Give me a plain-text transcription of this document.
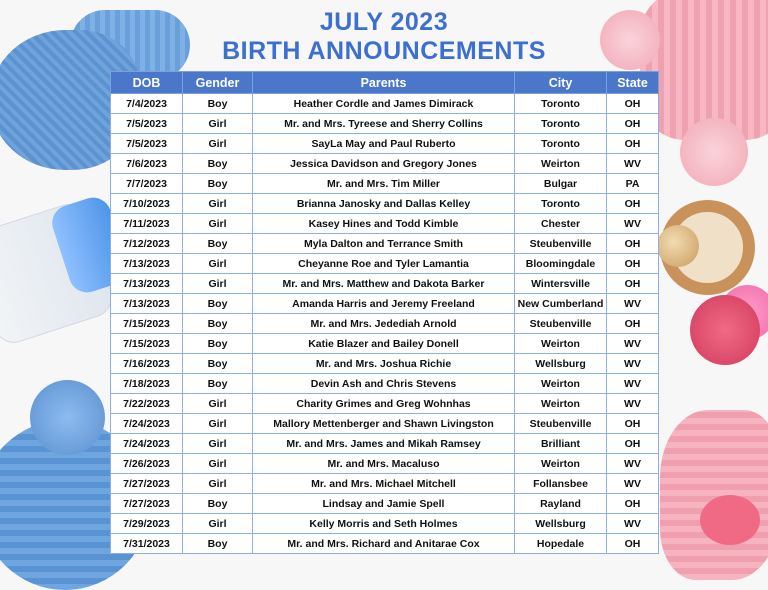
JULY 2023
BIRTH ANNOUNCEMENTS
DOB	Gender	Parents	City	State
7/4/2023	Boy	Heather Cordle and James Dimirack	Toronto	OH
7/5/2023	Girl	Mr. and Mrs. Tyreese and Sherry Collins	Toronto	OH
7/5/2023	Girl	SayLa May and Paul Ruberto	Toronto	OH
7/6/2023	Boy	Jessica Davidson and Gregory Jones	Weirton	WV
7/7/2023	Boy	Mr. and Mrs. Tim Miller	Bulgar	PA
7/10/2023	Girl	Brianna Janosky and Dallas Kelley	Toronto	OH
7/11/2023	Girl	Kasey Hines and Todd Kimble	Chester	WV
7/12/2023	Boy	Myla Dalton and Terrance Smith	Steubenville	OH
7/13/2023	Girl	Cheyanne Roe and Tyler Lamantia	Bloomingdale	OH
7/13/2023	Girl	Mr. and Mrs. Matthew and Dakota Barker	Wintersville	OH
7/13/2023	Boy	Amanda Harris and Jeremy Freeland	New Cumberland	WV
7/15/2023	Boy	Mr. and Mrs. Jedediah Arnold	Steubenville	OH
7/15/2023	Boy	Katie Blazer and Bailey Donell	Weirton	WV
7/16/2023	Boy	Mr. and Mrs. Joshua Richie	Wellsburg	WV
7/18/2023	Boy	Devin Ash and Chris Stevens	Weirton	WV
7/22/2023	Girl	Charity Grimes and Greg Wohnhas	Weirton	WV
7/24/2023	Girl	Mallory Mettenberger and Shawn Livingston	Steubenville	OH
7/24/2023	Girl	Mr. and Mrs. James and Mikah Ramsey	Brilliant	OH
7/26/2023	Girl	Mr. and Mrs. Macaluso	Weirton	WV
7/27/2023	Girl	Mr. and Mrs. Michael Mitchell	Follansbee	WV
7/27/2023	Boy	Lindsay and Jamie Spell	Rayland	OH
7/29/2023	Girl	Kelly Morris and Seth Holmes	Wellsburg	WV
7/31/2023	Boy	Mr. and Mrs. Richard and Anitarae Cox	Hopedale	OH
